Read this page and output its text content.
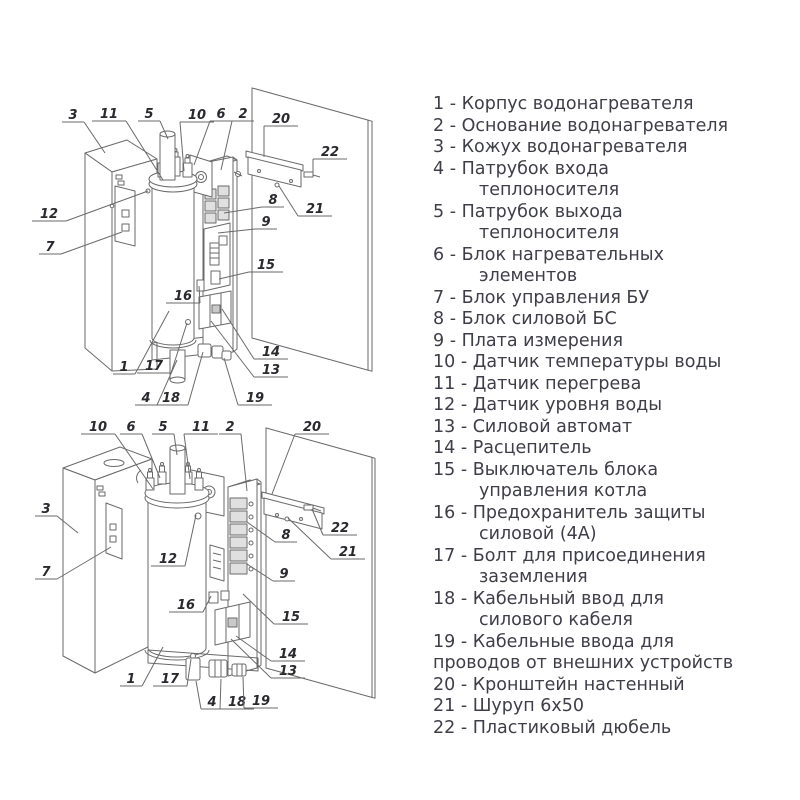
3 11 5	10 6 2 20
22
21
8
9
15
16
14
13
12
7
1 17
4 18	19
10 6 5 11 2	20
3
7
12
16
22
21
8
9
15
14
13
1 17
4 18 19
1 - Корпус водонагревателя
2 - Основание водонагревателя
3 - Кожух водонагревателя
4 - Патрубок входа
теплоносителя
5 - Патрубок выхода
теплоносителя
6 - Блок нагревательных
элементов
7 - Блок управления БУ
8 - Блок силовой БС
9 - Плата измерения
10 - Датчик температуры воды
11 - Датчик перегрева
12 - Датчик уровня воды
13 - Силовой автомат
14 - Расцепитель
15 - Выключатель блока
управления котла
16 - Предохранитель защиты
силовой (4А)
17 - Болт для присоединения
заземления
18 - Кабельный ввод для
силового кабеля
19 - Кабельные ввода для
проводов от внешних устройств
20 - Кронштейн настенный
21 - Шуруп 6х50
22 - Пластиковый дюбель
